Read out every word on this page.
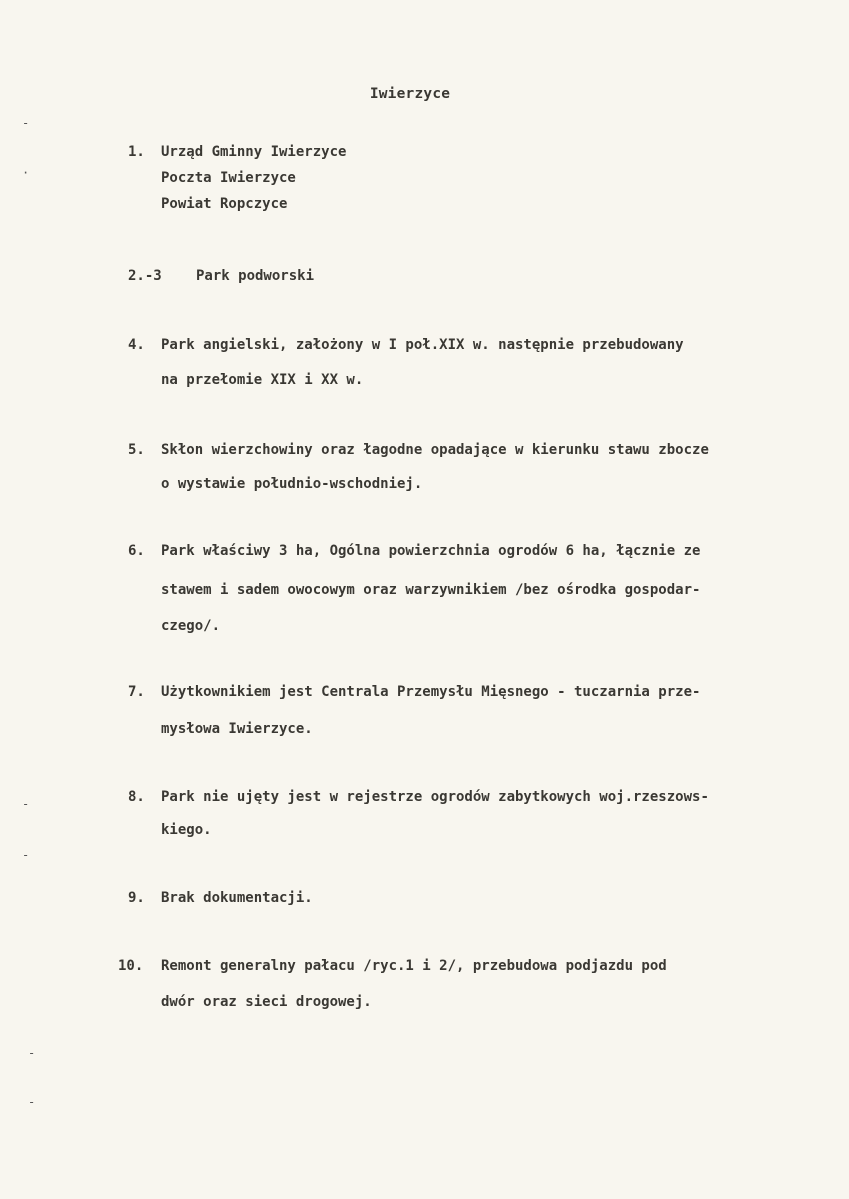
Iwierzyce
1. Urząd Gminny Iwierzyce
Poczta Iwierzyce
Powiat Ropczyce
2.-3 Park podworski
4. Park angielski, założony w I poł.XIX w. następnie przebudowany
na przełomie XIX i XX w.
5. Skłon wierzchowiny oraz łagodne opadające w kierunku stawu zbocze
o wystawie południo-wschodniej.
6. Park właściwy 3 ha, Ogólna powierzchnia ogrodów 6 ha, łącznie ze
stawem i sadem owocowym oraz warzywnikiem /bez ośrodka gospodar-
czego/.
7. Użytkownikiem jest Centrala Przemysłu Mięsnego - tuczarnia prze-
mysłowa Iwierzyce.
8. Park nie ujęty jest w rejestrze ogrodów zabytkowych woj.rzeszows-
kiego.
9. Brak dokumentacji.
10. Remont generalny pałacu /ryc.1 i 2/, przebudowa podjazdu pod
dwór oraz sieci drogowej.
-
·
-
-
-
-
